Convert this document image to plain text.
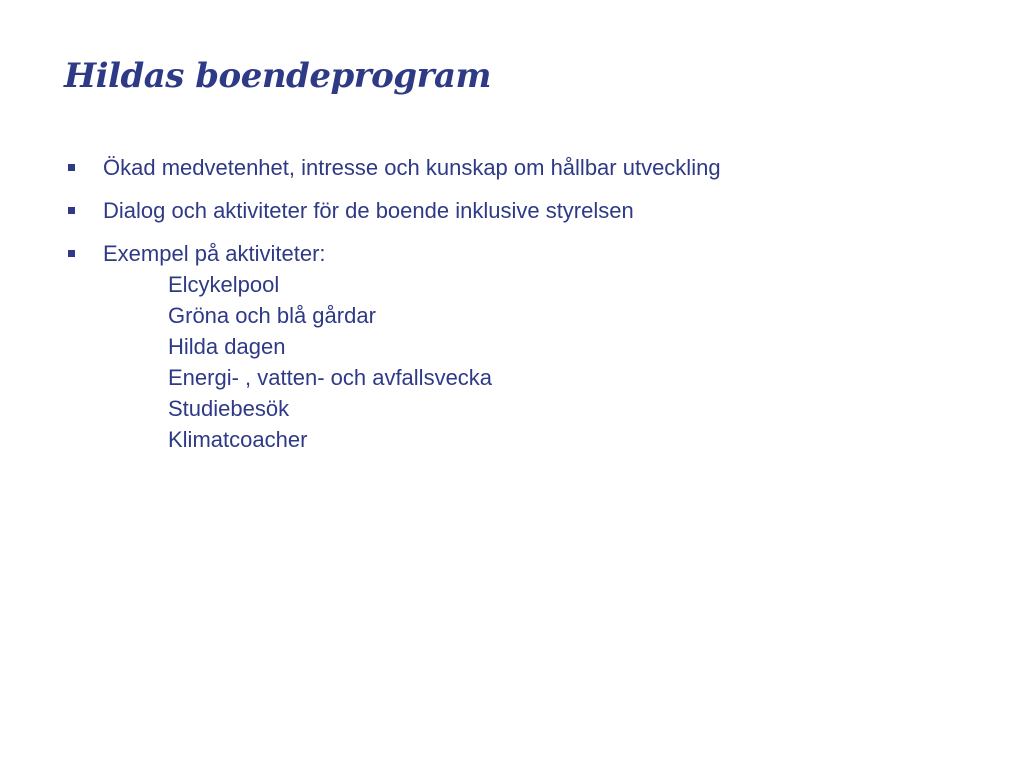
Hildas boendeprogram
Ökad medvetenhet, intresse och kunskap om hållbar utveckling
Dialog och aktiviteter för de boende inklusive styrelsen
Exempel på aktiviteter:
Elcykelpool
Gröna och blå gårdar
Hilda dagen
Energi- , vatten- och avfallsvecka
Studiebesök
Klimatcoacher
